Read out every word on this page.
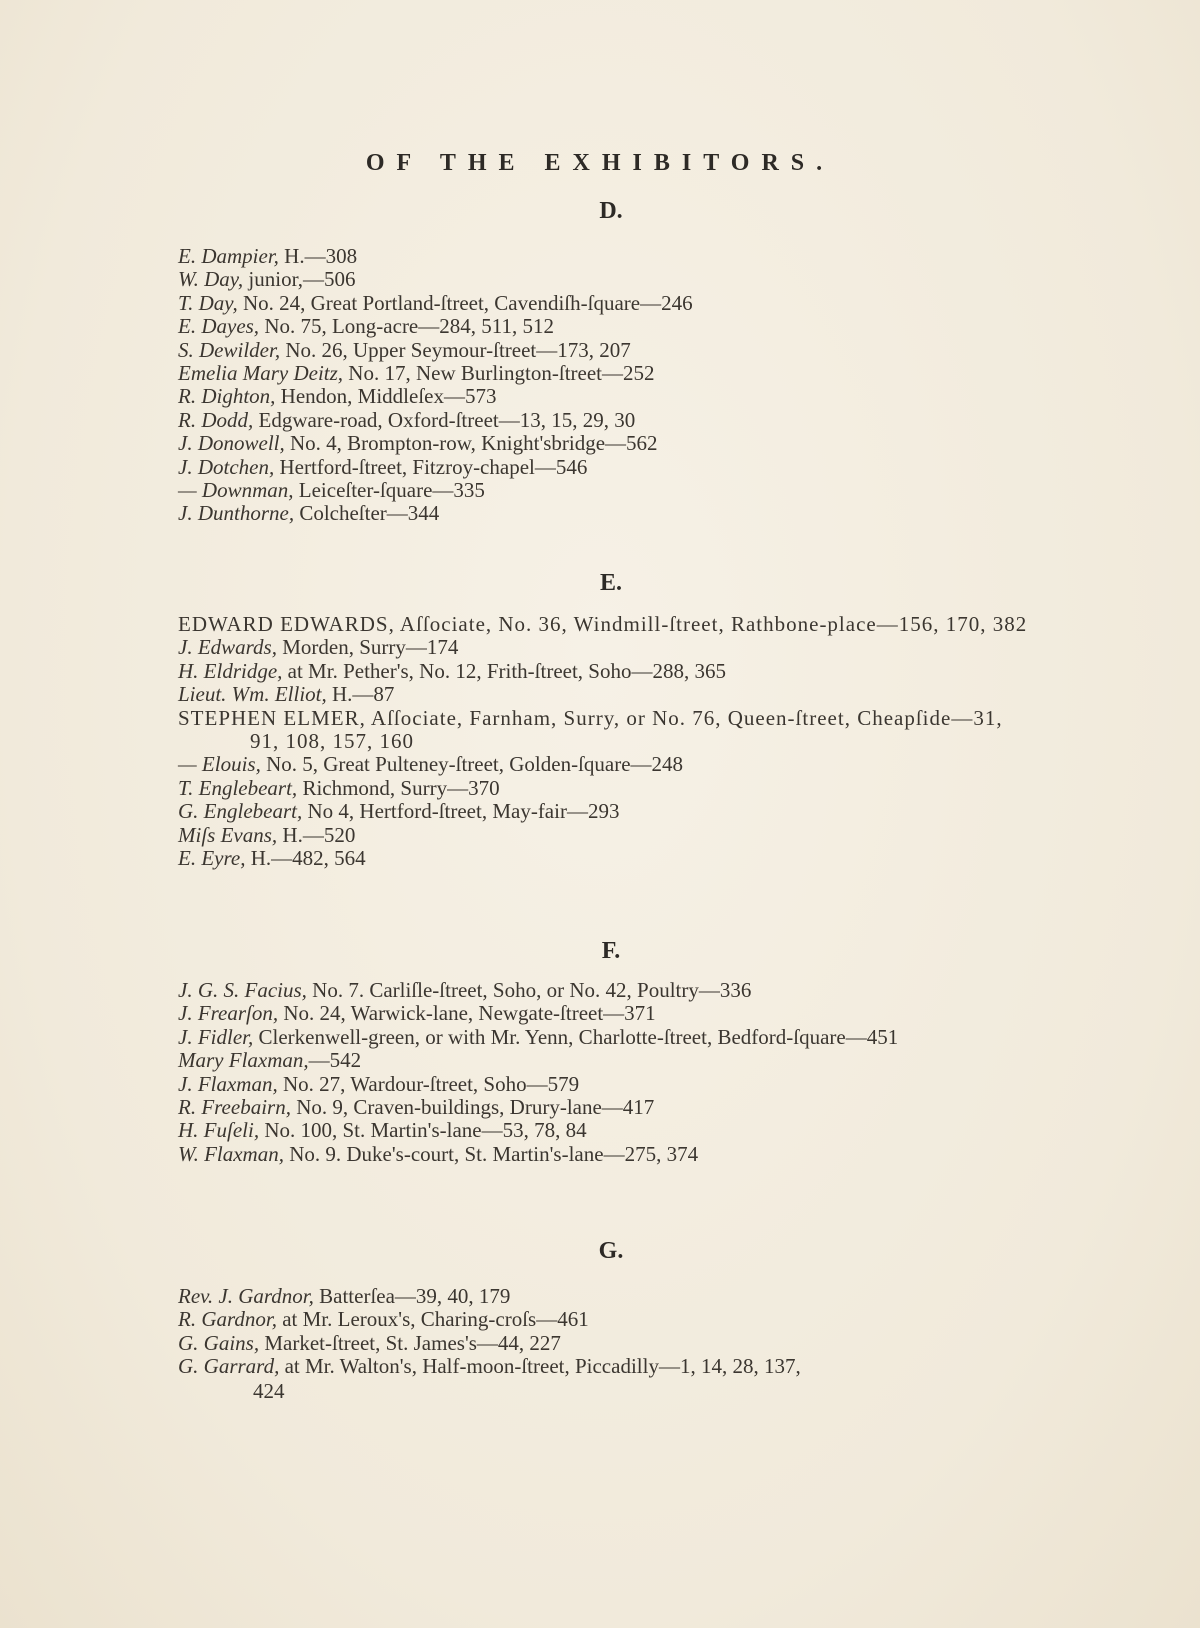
OF THE EXHIBITORS.
D.
E. Dampier, H.—308
W. Day, junior,—506
T. Day, No. 24, Great Portland-ſtreet, Cavendiſh-ſquare—246
E. Dayes, No. 75, Long-acre—284, 511, 512
S. Dewilder, No. 26, Upper Seymour-ſtreet—173, 207
Emelia Mary Deitz, No. 17, New Burlington-ſtreet—252
R. Dighton, Hendon, Middleſex—573
R. Dodd, Edgware-road, Oxford-ſtreet—13, 15, 29, 30
J. Donowell, No. 4, Brompton-row, Knight'sbridge—562
J. Dotchen, Hertford-ſtreet, Fitzroy-chapel—546
— Downman, Leiceſter-ſquare—335
J. Dunthorne, Colcheſter—344
E.
EDWARD EDWARDS, Aſſociate, No. 36, Windmill-ſtreet, Rathbone-place—156, 170, 382
J. Edwards, Morden, Surry—174
H. Eldridge, at Mr. Pether's, No. 12, Frith-ſtreet, Soho—288, 365
Lieut. Wm. Elliot, H.—87
STEPHEN ELMER, Aſſociate, Farnham, Surry, or No. 76, Queen-ſtreet, Cheapſide—31, 91, 108, 157, 160
— Elouis, No. 5, Great Pulteney-ſtreet, Golden-ſquare—248
T. Englebeart, Richmond, Surry—370
G. Englebeart, No 4, Hertford-ſtreet, May-fair—293
Miſs Evans, H.—520
E. Eyre, H.—482, 564
F.
J. G. S. Facius, No. 7. Carliſle-ſtreet, Soho, or No. 42, Poultry—336
J. Frearſon, No. 24, Warwick-lane, Newgate-ſtreet—371
J. Fidler, Clerkenwell-green, or with Mr. Yenn, Charlotte-ſtreet, Bedford-ſquare—451
Mary Flaxman,—542
J. Flaxman, No. 27, Wardour-ſtreet, Soho—579
R. Freebairn, No. 9, Craven-buildings, Drury-lane—417
H. Fuſeli, No. 100, St. Martin's-lane—53, 78, 84
W. Flaxman, No. 9. Duke's-court, St. Martin's-lane—275, 374
G.
Rev. J. Gardnor, Batterſea—39, 40, 179
R. Gardnor, at Mr. Leroux's, Charing-croſs—461
G. Gains, Market-ſtreet, St. James's—44, 227
G. Garrard, at Mr. Walton's, Half-moon-ſtreet, Piccadilly—1, 14, 28, 137,
424
